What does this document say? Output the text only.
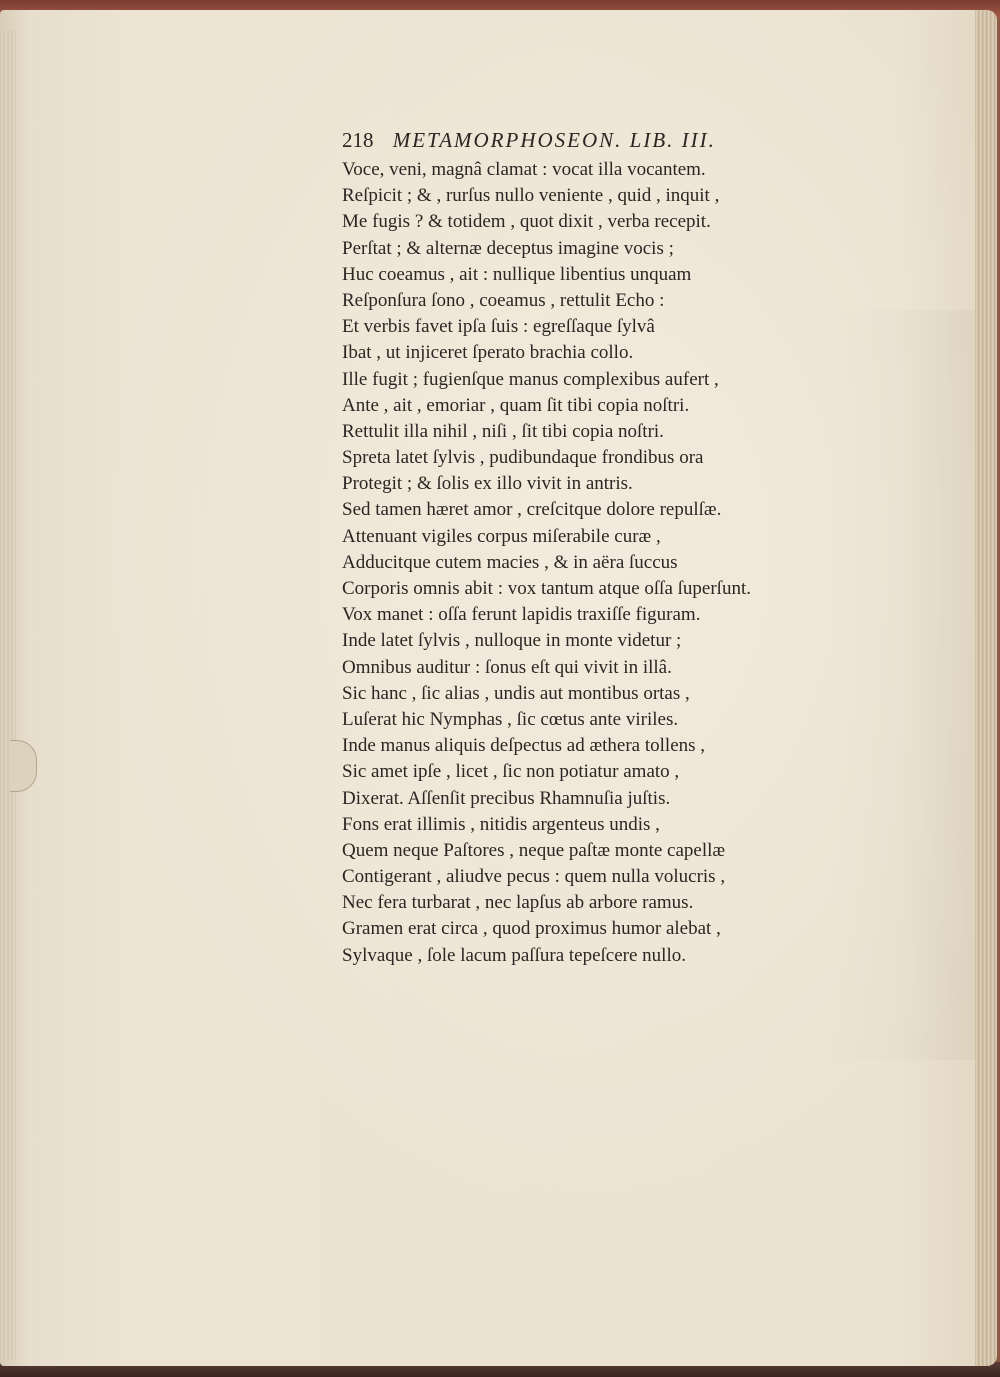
218 METAMORPHOSEON. LIB. III.
Voce, veni, magnâ clamat : vocat illa vocantem.
Reſpicit ; & , rurſus nullo veniente , quid , inquit ,
Me fugis ? & totidem , quot dixit , verba recepit.
Perſtat ; & alternæ deceptus imagine vocis ;
Huc coeamus , ait : nullique libentius unquam
Reſponſura ſono , coeamus , rettulit Echo :
Et verbis favet ipſa ſuis : egreſſaque ſylvâ
Ibat , ut injiceret ſperato brachia collo.
Ille fugit ; fugienſque manus complexibus aufert ,
Ante , ait , emoriar , quam ſit tibi copia noſtri.
Rettulit illa nihil , niſi , ſit tibi copia noſtri.
Spreta latet ſylvis , pudibundaque frondibus ora
Protegit ; & ſolis ex illo vivit in antris.
Sed tamen hæret amor , creſcitque dolore repulſæ.
Attenuant vigiles corpus miſerabile curæ ,
Adducitque cutem macies , & in aëra ſuccus
Corporis omnis abit : vox tantum atque oſſa ſuperſunt.
Vox manet : oſſa ferunt lapidis traxiſſe figuram.
Inde latet ſylvis , nulloque in monte videtur ;
Omnibus auditur : ſonus eſt qui vivit in illâ.
Sic hanc , ſic alias , undis aut montibus ortas ,
Luſerat hic Nymphas , ſic cœtus ante viriles.
Inde manus aliquis deſpectus ad æthera tollens ,
Sic amet ipſe , licet , ſic non potiatur amato ,
Dixerat. Aſſenſit precibus Rhamnuſia juſtis.
Fons erat illimis , nitidis argenteus undis ,
Quem neque Paſtores , neque paſtæ monte capellæ
Contigerant , aliudve pecus : quem nulla volucris ,
Nec fera turbarat , nec lapſus ab arbore ramus.
Gramen erat circa , quod proximus humor alebat ,
Sylvaque , ſole lacum paſſura tepeſcere nullo.
